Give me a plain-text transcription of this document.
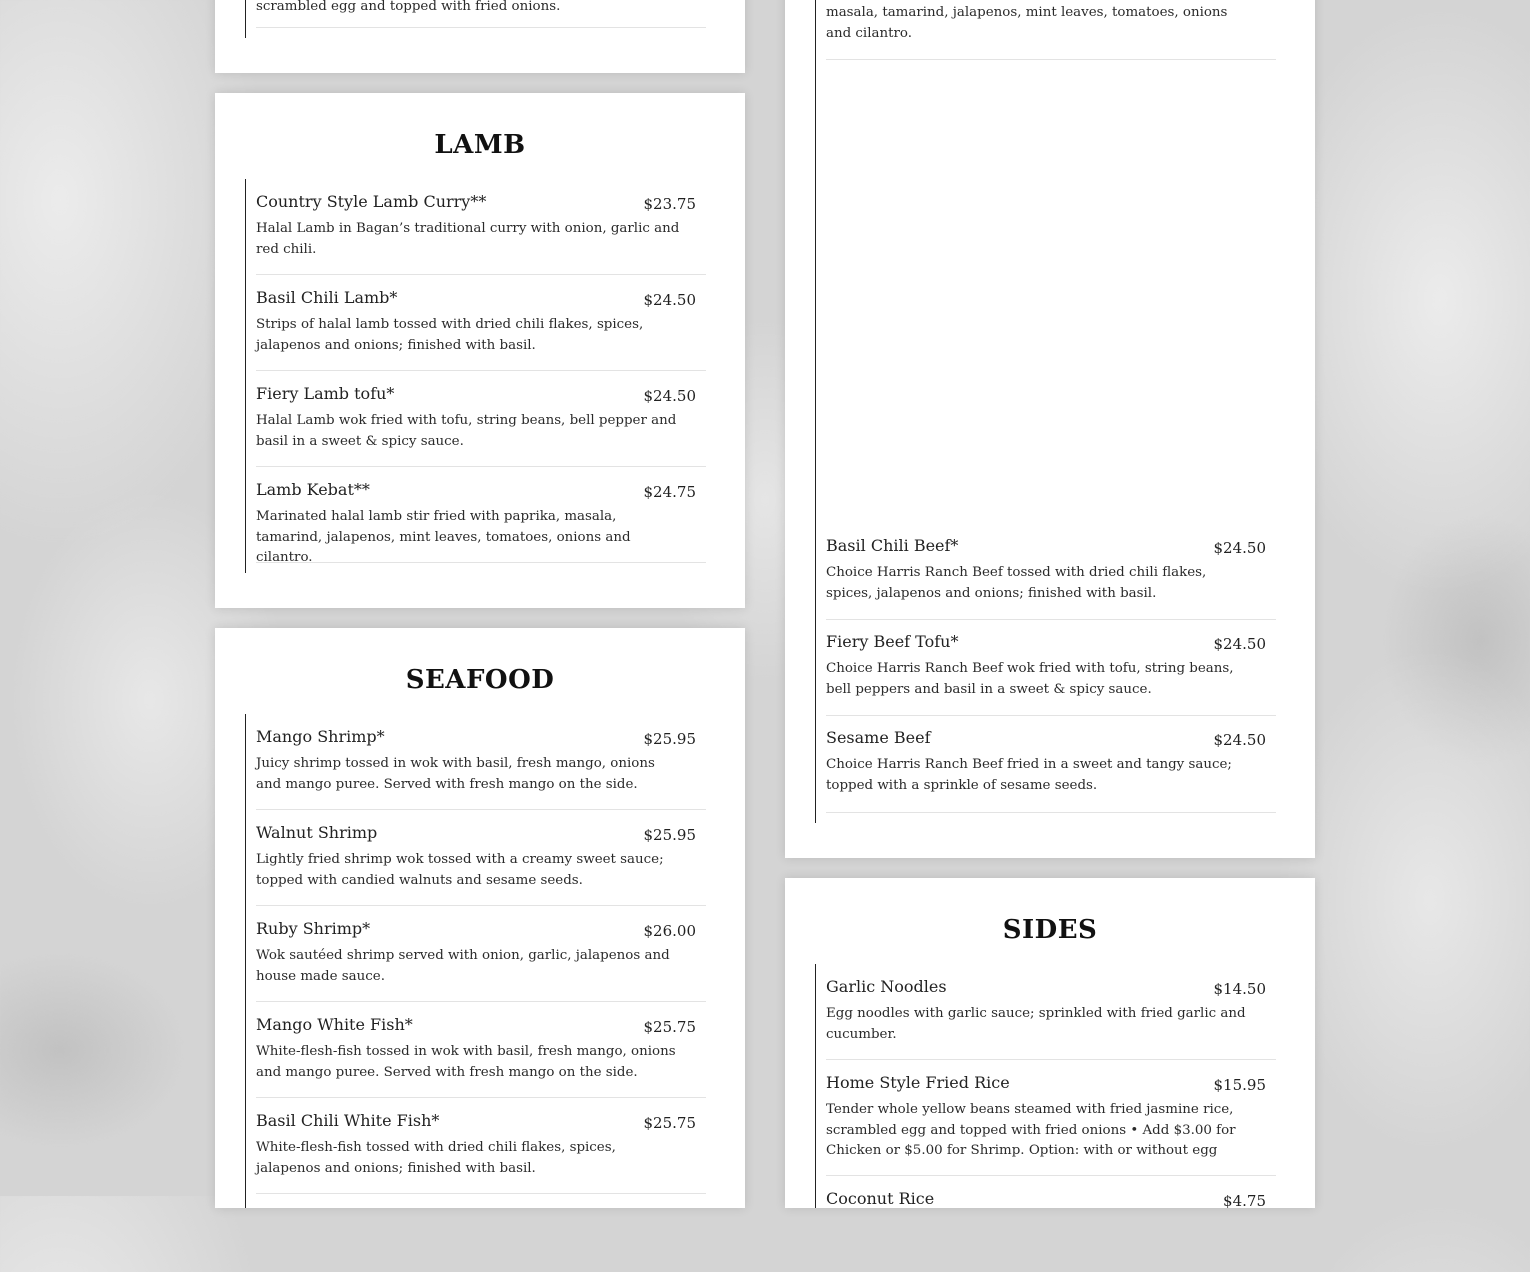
scrambled egg and topped with fried onions.
LAMB
Country Style Lamb Curry**	$23.75
Halal Lamb in Bagan’s traditional curry with onion, garlic and red chili.
Basil Chili Lamb*	$24.50
Strips of halal lamb tossed with dried chili flakes, spices, jalapenos and onions; finished with basil.
Fiery Lamb tofu*	$24.50
Halal Lamb wok fried with tofu, string beans, bell pepper and basil in a sweet & spicy sauce.
Lamb Kebat**	$24.75
Marinated halal lamb stir fried with paprika, masala, tamarind, jalapenos, mint leaves, tomatoes, onions and cilantro.
SEAFOOD
Mango Shrimp*	$25.95
Juicy shrimp tossed in wok with basil, fresh mango, onions and mango puree. Served with fresh mango on the side.
Walnut Shrimp	$25.95
Lightly fried shrimp wok tossed with a creamy sweet sauce; topped with candied walnuts and sesame seeds.
Ruby Shrimp*	$26.00
Wok sautéed shrimp served with onion, garlic, jalapenos and house made sauce.
Mango White Fish*	$25.75
White-flesh-fish tossed in wok with basil, fresh mango, onions and mango puree. Served with fresh mango on the side.
Basil Chili White Fish*	$25.75
White-flesh-fish tossed with dried chili flakes, spices, jalapenos and onions; finished with basil.
masala, tamarind, jalapenos, mint leaves, tomatoes, onions and cilantro.
Basil Chili Beef*	$24.50
Choice Harris Ranch Beef tossed with dried chili flakes, spices, jalapenos and onions; finished with basil.
Fiery Beef Tofu*	$24.50
Choice Harris Ranch Beef wok fried with tofu, string beans, bell peppers and basil in a sweet & spicy sauce.
Sesame Beef	$24.50
Choice Harris Ranch Beef fried in a sweet and tangy sauce; topped with a sprinkle of sesame seeds.
SIDES
Garlic Noodles	$14.50
Egg noodles with garlic sauce; sprinkled with fried garlic and cucumber.
Home Style Fried Rice	$15.95
Tender whole yellow beans steamed with fried jasmine rice, scrambled egg and topped with fried onions • Add $3.00 for Chicken or $5.00 for Shrimp. Option: with or without egg
Coconut Rice	$4.75
